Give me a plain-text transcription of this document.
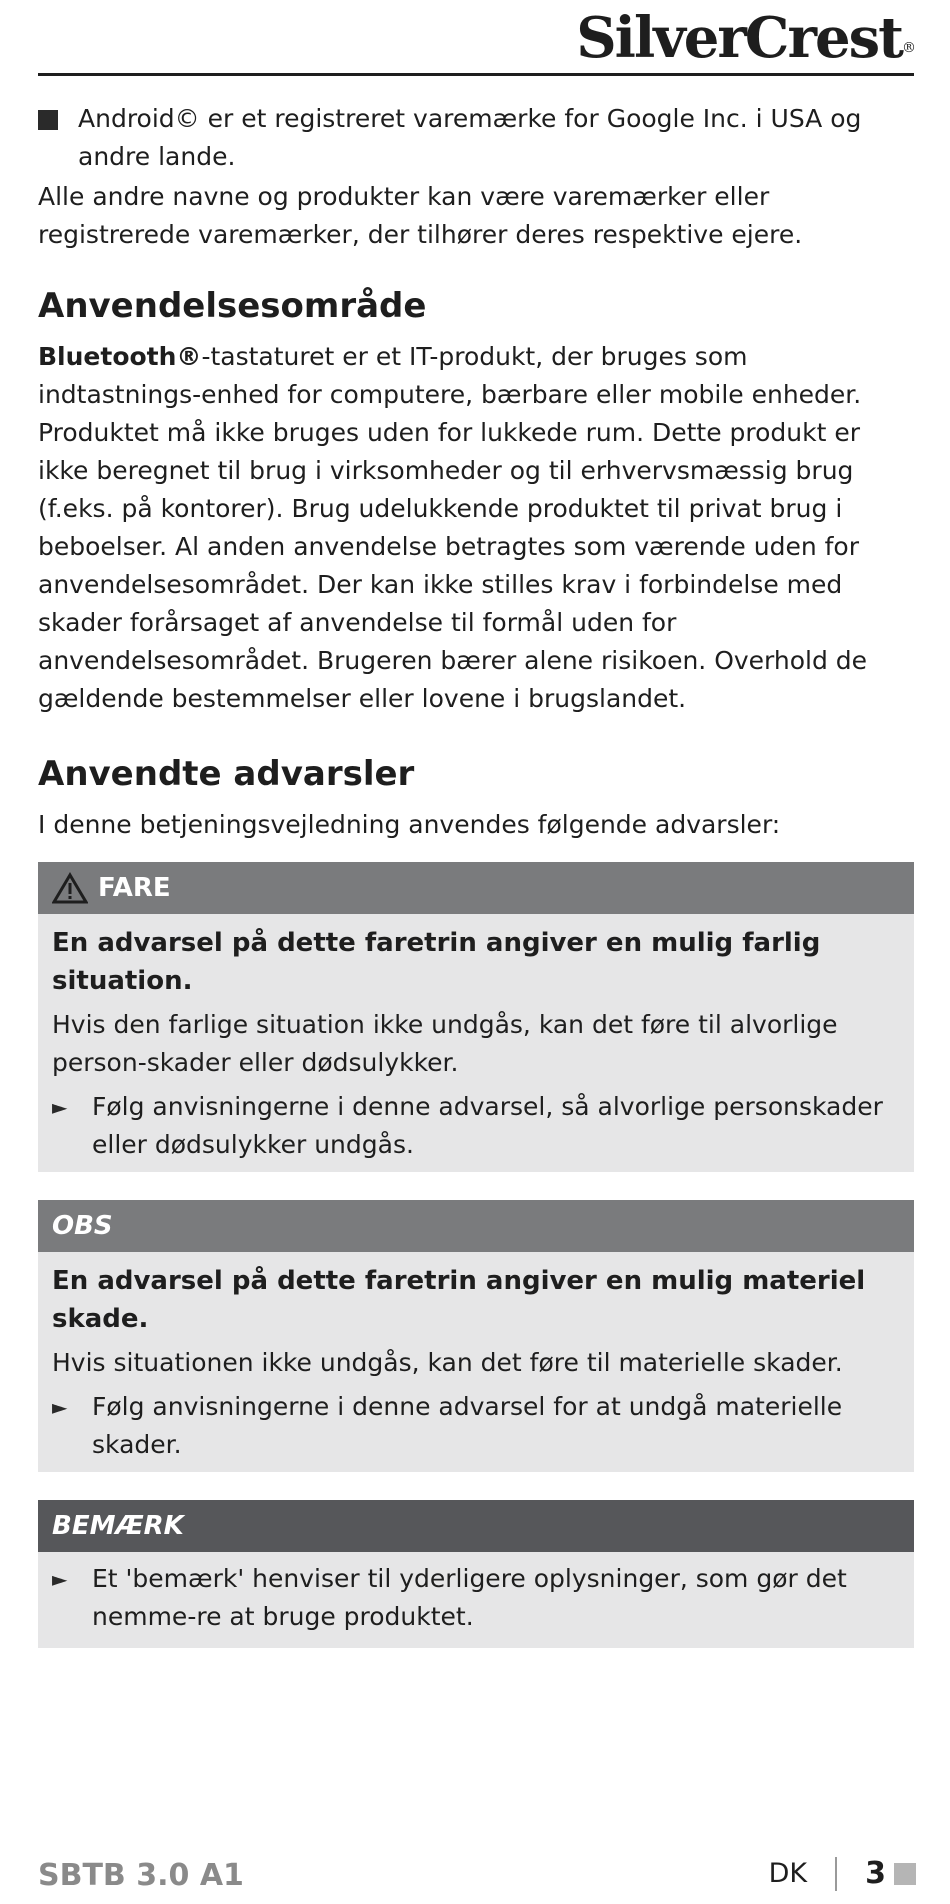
SilverCrest®
Android© er et registreret varemærke for Google Inc. i USA og andre lande.

Alle andre navne og produkter kan være varemærker eller registrerede varemærker, der tilhører deres respektive ejere.

Anvendelsesområde

Bluetooth®-tastaturet er et IT-produkt, der bruges som indtastnings-enhed for computere, bærbare eller mobile enheder. Produktet må ikke bruges uden for lukkede rum. Dette produkt er ikke beregnet til brug i virksomheder og til erhvervsmæssig brug (f.eks. på kontorer). Brug udelukkende produktet til privat brug i beboelser. Al anden anvendelse betragtes som værende uden for anvendelsesområdet. Der kan ikke stilles krav i forbindelse med skader forårsaget af anvendelse til formål uden for anvendelsesområdet. Brugeren bærer alene risikoen. Overhold de gældende bestemmelser eller lovene i brugslandet.

Anvendte advarsler

I denne betjeningsvejledning anvendes følgende advarsler:

FARE
En advarsel på dette faretrin angiver en mulig farlig situation.

Hvis den farlige situation ikke undgås, kan det føre til alvorlige person-skader eller dødsulykker.

► Følg anvisningerne i denne advarsel, så alvorlige personskader eller dødsulykker undgås.
OBS
En advarsel på dette faretrin angiver en mulig materiel skade.

Hvis situationen ikke undgås, kan det føre til materielle skader.

► Følg anvisningerne i denne advarsel for at undgå materielle skader.
BEMÆRK
► Et 'bemærk' henviser til yderligere oplysninger, som gør det nemme-re at bruge produktet.
SBTB 3.0 A1	DK 3
